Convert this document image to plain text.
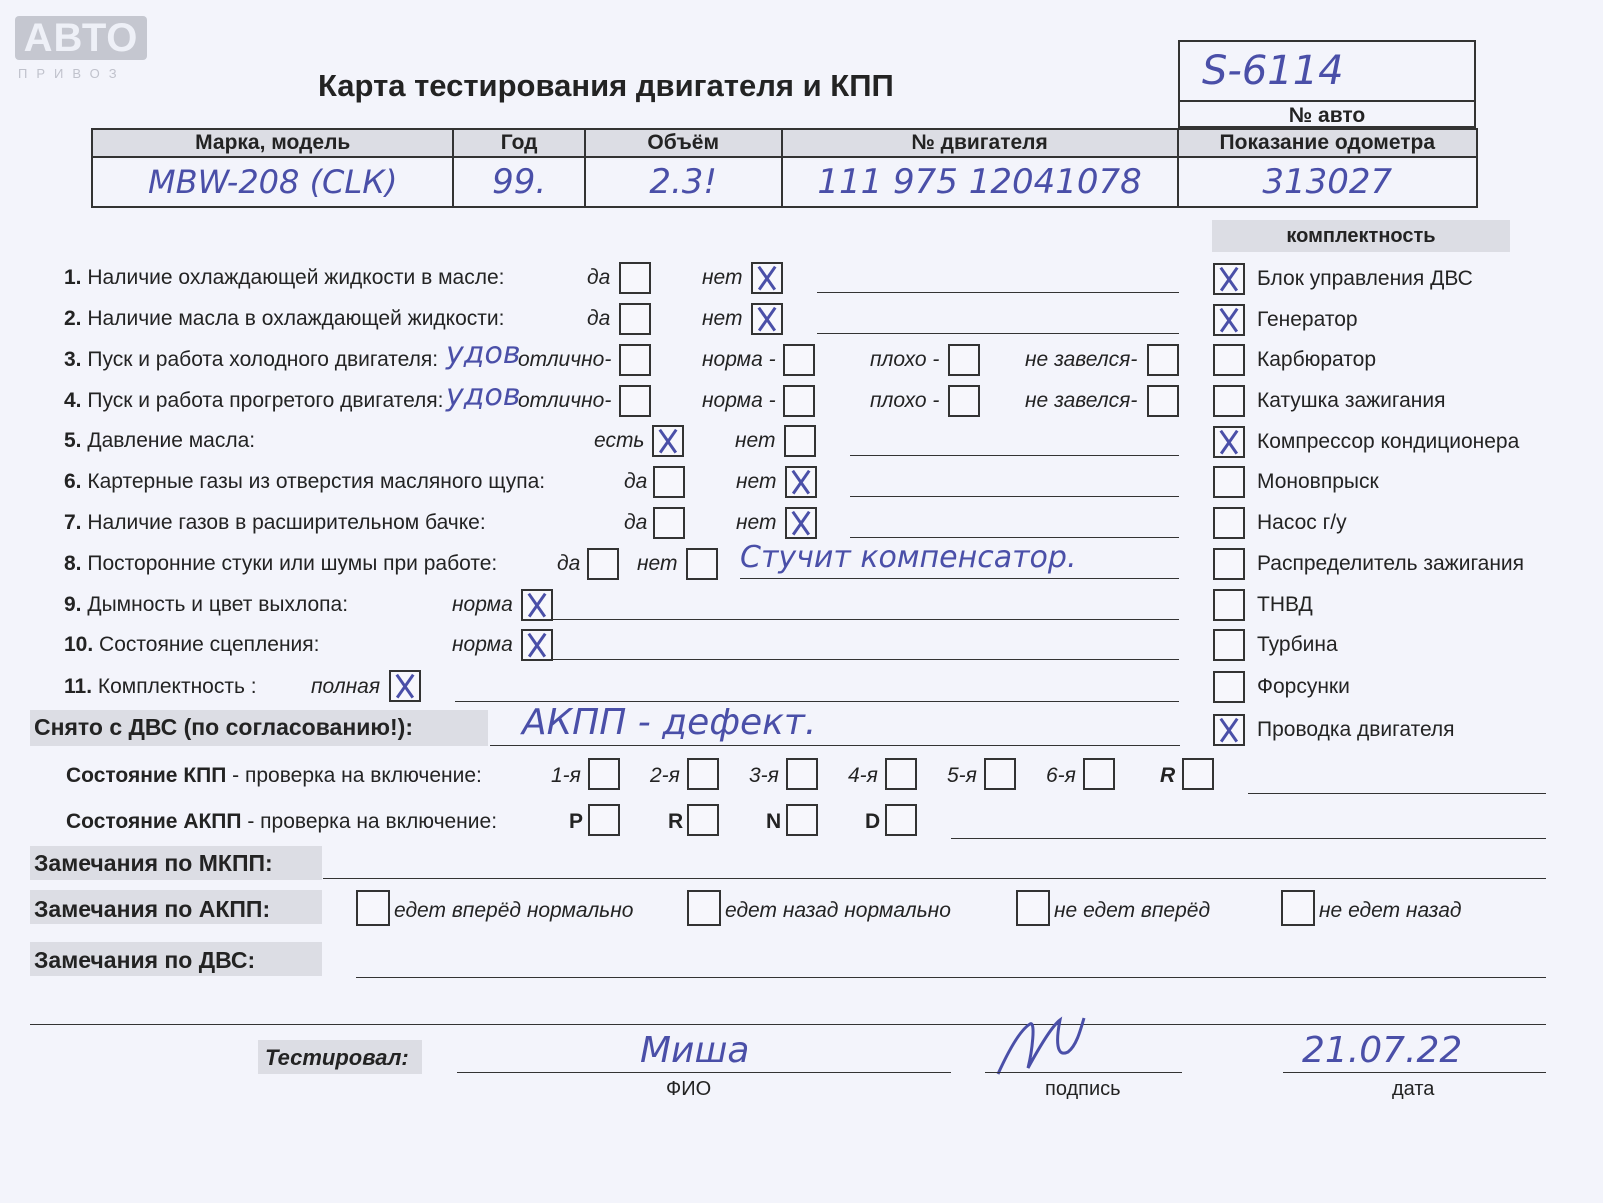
АВТО
ПРИВОЗ	Карта тестирования двигателя и КПП	S-6114
№ авто
Марка, модель	Год	Объём	№ двигателя	Показание одометра
МВW-208 (СLК)	99.	2.3!	111 975 12041078	313027
комплектность
1. Наличие охлаждающей жидкости в масле:	да	нет
2. Наличие масла в охлаждающей жидкости:	да	нет
3. Пуск и работа холодного двигателя: удов
отлично-	норма -	плохо -	не завелся-
4. Пуск и работа прогретого двигателя: удов
отлично-	норма -	плохо -	не завелся-
5. Давление масла:	есть	нет
6. Картерные газы из отверстия масляного щупа:	да	нет
7. Наличие газов в расширительном бачке:	да	нет
8. Посторонние стуки или шумы при работе:	да	нет Стучит компенсатор.
9. Дымность и цвет выхлопа:	норма
10. Состояние сцепления:	норма
11. Комплектность :	полная
Блок управления ДВС
Генератор
Карбюратор
Катушка зажигания
Компрессор кондиционера
Моновпрыск
Насос г/у
Распределитель зажигания
ТНВД
Турбина
Форсунки
Проводка двигателя
Снято с ДВС (по согласованию!):	АКПП - дефект.
Состояние КПП - проверка на включение:	1-я	2-я	3-я	4-я	5-я	6-я	R
Состояние АКПП - проверка на включение:	P	R	N	D
Замечания по МКПП:
Замечания по АКПП:	едет вперёд нормально	едет назад нормально	не едет вперёд	не едет назад
Замечания по ДВС:
Тестировал:	Миша
ФИО	подпись
21.07.22
дата
